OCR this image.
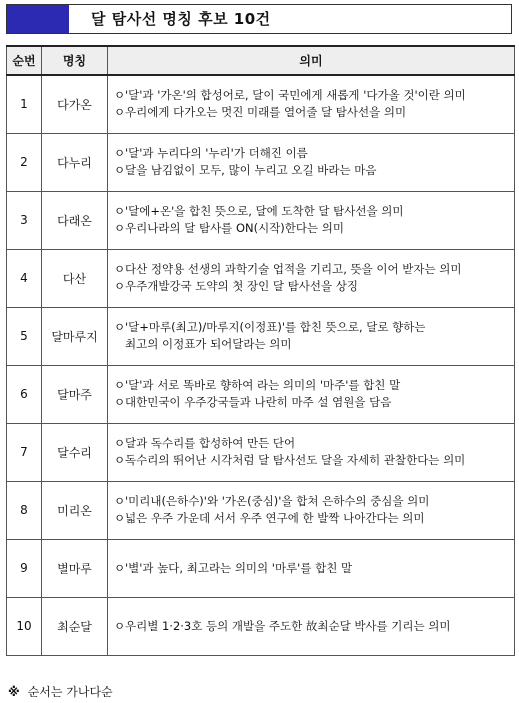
달 탐사선 명칭 후보 10건
순번	명칭	의미
1	다가온	ㅇ'달'과 '가온'의 합성어로, 달이 국민에게 새롭게 '다가올 것'이란 의미
ㅇ우리에게 다가오는 멋진 미래를 열어줄 달 탐사선을 의미

2	다누리	ㅇ'달'과 누리다의 '누리'가 더해진 이름
ㅇ달을 남김없이 모두, 많이 누리고 오길 바라는 마음

3	다래온	ㅇ'달에+온'을 합친 뜻으로, 달에 도착한 달 탐사선을 의미
ㅇ우리나라의 달 탐사를 ON(시작)한다는 의미

4	다산	ㅇ다산 정약용 선생의 과학기술 업적을 기리고, 뜻을 이어 받자는 의미
ㅇ우주개발강국 도약의 첫 장인 달 탐사선을 상징

5	달마루지	ㅇ'달+마루(최고)/마루지(이정표)'를 합친 뜻으로, 달로 향하는
최고의 이정표가 되어달라는 의미

6	달마주	ㅇ'달'과 서로 똑바로 향하여 라는 의미의 '마주'를 합친 말
ㅇ대한민국이 우주강국들과 나란히 마주 설 염원을 담음

7	달수리	ㅇ달과 독수리를 합성하여 만든 단어
ㅇ독수리의 뛰어난 시각처럼 달 탐사선도 달을 자세히 관찰한다는 의미

8	미리온	ㅇ'미리내(은하수)'와 '가온(중심)'을 합쳐 은하수의 중심을 의미
ㅇ넓은 우주 가운데 서서 우주 연구에 한 발짝 나아간다는 의미

9	별마루	ㅇ'별'과 높다, 최고라는 의미의 '마루'를 합친 말

10	최순달	ㅇ우리별 1·2·3호 등의 개발을 주도한 故최순달 박사를 기리는 의미
※ 순서는 가나다순
